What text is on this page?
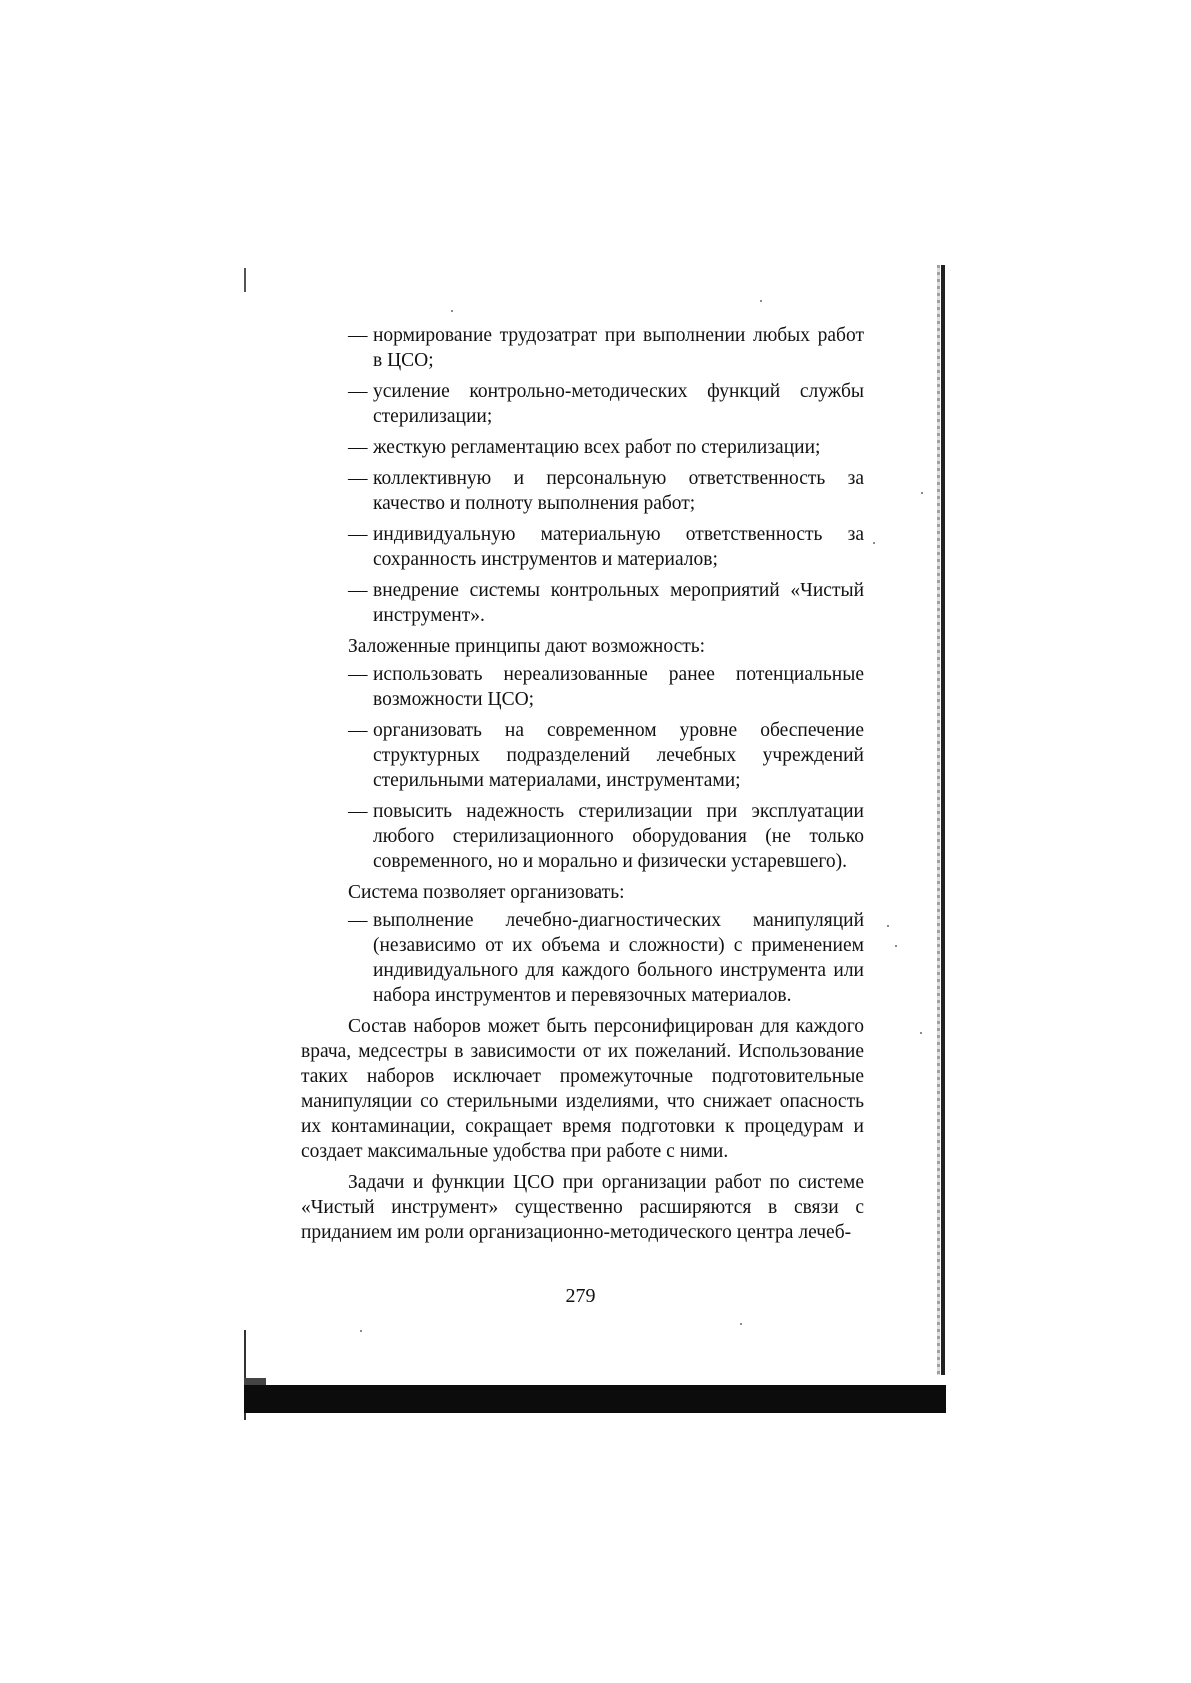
— нормирование трудозатрат при выполнении любых работ в ЦСО;
— усиление контрольно-методических функций службы стерилизации;
— жесткую регламентацию всех работ по стерилизации;
— коллективную и персональную ответственность за качество и полноту выполнения работ;
— индивидуальную материальную ответственность за сохранность инструментов и материалов;
— внедрение системы контрольных мероприятий «Чистый инструмент».

Заложенные принципы дают возможность:

— использовать нереализованные ранее потенциальные возможности ЦСО;
— организовать на современном уровне обеспечение структурных подразделений лечебных учреждений стерильными материалами, инструментами;
— повысить надежность стерилизации при эксплуатации любого стерилизационного оборудования (не только современного, но и морально и физически устаревшего).

Система позволяет организовать:

— выполнение лечебно-диагностических манипуляций (независимо от их объема и сложности) с применением индивидуального для каждого больного инструмента или набора инструментов и перевязочных материалов.

Состав наборов может быть персонифицирован для каждого врача, медсестры в зависимости от их пожеланий. Использование таких наборов исключает промежуточные подготовительные манипуляции со стерильными изделиями, что снижает опасность их контаминации, сокращает время подготовки к процедурам и создает максимальные удобства при работе с ними.

Задачи и функции ЦСО при организации работ по системе «Чистый инструмент» существенно расширяются в связи с приданием им роли организационно-методического центра лечеб-

279
